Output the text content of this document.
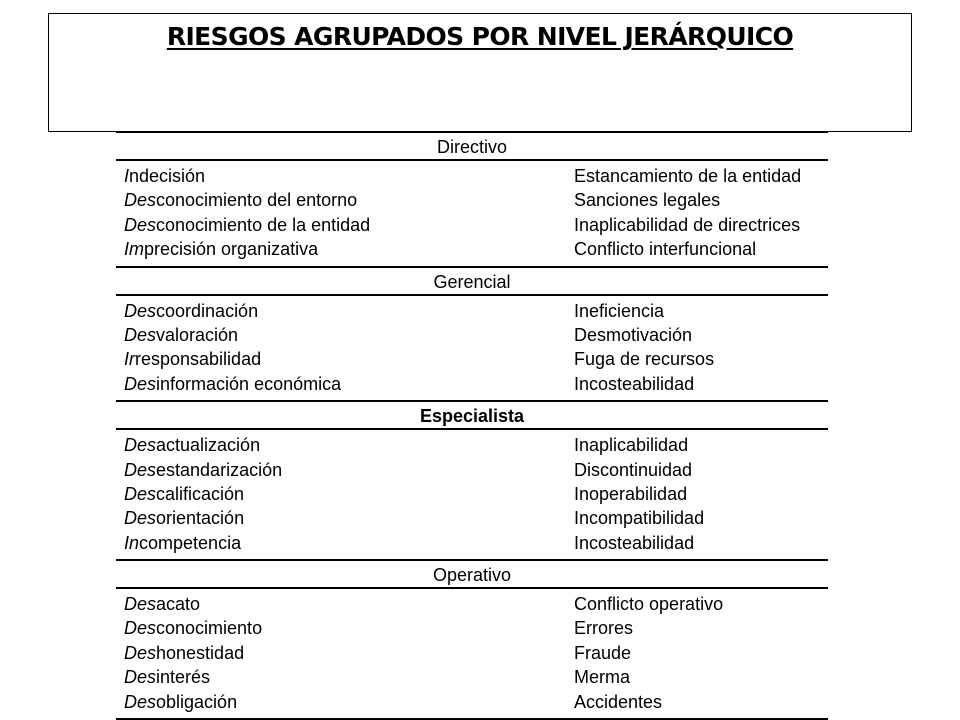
RIESGOS AGRUPADOS POR NIVEL JERÁRQUICO
Directivo
Indecisión	Estancamiento de la entidad
Desconocimiento del entorno	Sanciones legales
Desconocimiento de la entidad	Inaplicabilidad de directrices
Imprecisión organizativa	Conflicto interfuncional
Gerencial
Descoordinación	Ineficiencia
Desvaloración	Desmotivación
Irresponsabilidad	Fuga de recursos
Desinformación económica	Incosteabilidad
Especialista
Desactualización	Inaplicabilidad
Desestandarización	Discontinuidad
Descalificación	Inoperabilidad
Desorientación	Incompatibilidad
Incompetencia	Incosteabilidad
Operativo
Desacato	Conflicto operativo
Desconocimiento	Errores
Deshonestidad	Fraude
Desinterés	Merma
Desobligación	Accidentes
